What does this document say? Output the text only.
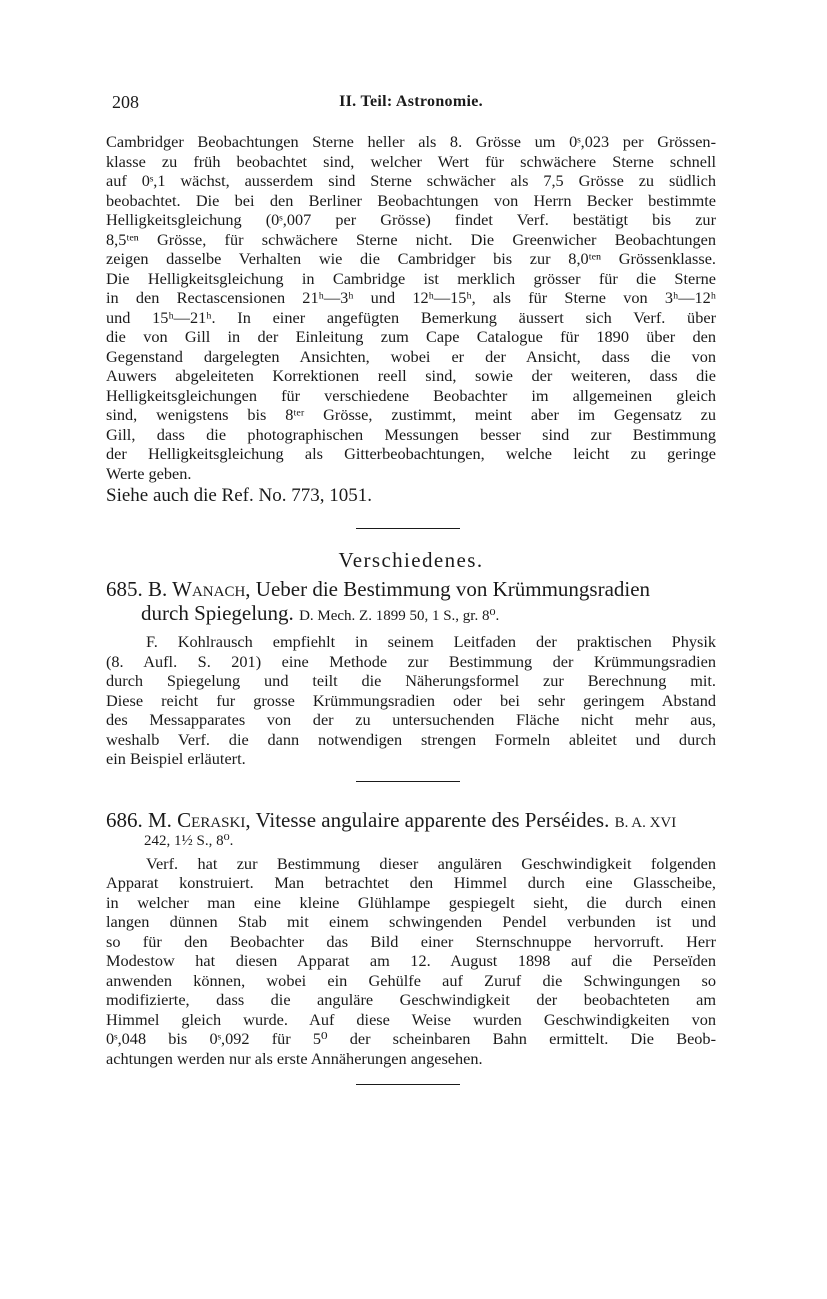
208	II. Teil: Astronomie.
Cambridger Beobachtungen Sterne heller als 8. Grösse um 0ˢ,023 per Grössen-
klasse zu früh beobachtet sind, welcher Wert für schwächere Sterne schnell
auf 0ˢ,1 wächst, ausserdem sind Sterne schwächer als 7,5 Grösse zu südlich
beobachtet. Die bei den Berliner Beobachtungen von Herrn Becker bestimmte
Helligkeitsgleichung (0ˢ,007 per Grösse) findet Verf. bestätigt bis zur
8,5ᵗᵉⁿ Grösse, für schwächere Sterne nicht. Die Greenwicher Beobachtungen
zeigen dasselbe Verhalten wie die Cambridger bis zur 8,0ᵗᵉⁿ Grössenklasse.
Die Helligkeitsgleichung in Cambridge ist merklich grösser für die Sterne
in den Rectascensionen 21ʰ—3ʰ und 12ʰ—15ʰ, als für Sterne von 3ʰ—12ʰ
und 15ʰ—21ʰ. In einer angefügten Bemerkung äussert sich Verf. über
die von Gill in der Einleitung zum Cape Catalogue für 1890 über den
Gegenstand dargelegten Ansichten, wobei er der Ansicht, dass die von
Auwers abgeleiteten Korrektionen reell sind, sowie der weiteren, dass die
Helligkeitsgleichungen für verschiedene Beobachter im allgemeinen gleich
sind, wenigstens bis 8ᵗᵉʳ Grösse, zustimmt, meint aber im Gegensatz zu
Gill, dass die photographischen Messungen besser sind zur Bestimmung
der Helligkeitsgleichung als Gitterbeobachtungen, welche leicht zu geringe
Werte geben.

Siehe auch die Ref. No. 773, 1051.

Verschiedenes.
685. B. Wanach, Ueber die Bestimmung von Krümmungsradien
durch Spiegelung. D. Mech. Z. 1899 50, 1 S., gr. 8⁰.
F. Kohlrausch empfiehlt in seinem Leitfaden der praktischen Physik
(8. Aufl. S. 201) eine Methode zur Bestimmung der Krümmungsradien
durch Spiegelung und teilt die Näherungsformel zur Berechnung mit.
Diese reicht fur grosse Krümmungsradien oder bei sehr geringem Abstand
des Messapparates von der zu untersuchenden Fläche nicht mehr aus,
weshalb Verf. die dann notwendigen strengen Formeln ableitet und durch
ein Beispiel erläutert.
686. M. Ceraski, Vitesse angulaire apparente des Perséides. B. A. XVI
242, 1½ S., 8⁰.
Verf. hat zur Bestimmung dieser angulären Geschwindigkeit folgenden
Apparat konstruiert. Man betrachtet den Himmel durch eine Glasscheibe,
in welcher man eine kleine Glühlampe gespiegelt sieht, die durch einen
langen dünnen Stab mit einem schwingenden Pendel verbunden ist und
so für den Beobachter das Bild einer Sternschnuppe hervorruft. Herr
Modestow hat diesen Apparat am 12. August 1898 auf die Perseïden
anwenden können, wobei ein Gehülfe auf Zuruf die Schwingungen so
modifizierte, dass die anguläre Geschwindigkeit der beobachteten am
Himmel gleich wurde. Auf diese Weise wurden Geschwindigkeiten von
0ˢ,048 bis 0ˢ,092 für 5⁰ der scheinbaren Bahn ermittelt. Die Beob-
achtungen werden nur als erste Annäherungen angesehen.
